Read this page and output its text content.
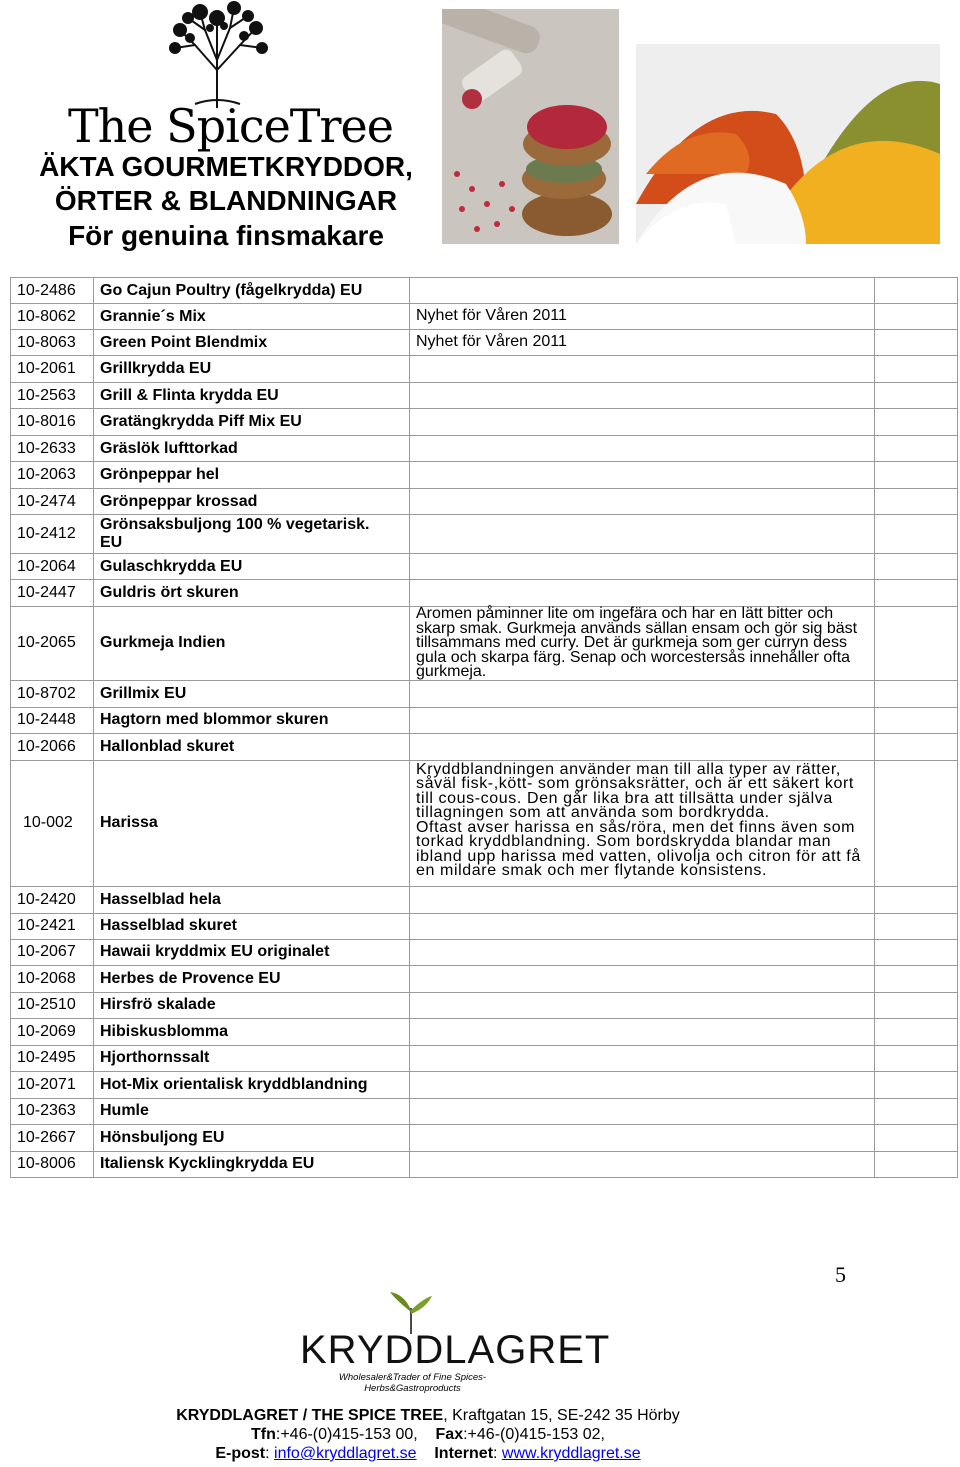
The SpiceTree
ÄKTA GOURMETKRYDDOR,
ÖRTER & BLANDNINGAR
För genuina finsmakare
10-2486	Go Cajun Poultry (fågelkrydda) EU		
10-8062	Grannie´s Mix	Nyhet för Våren 2011	
10-8063	Green Point Blendmix	Nyhet för Våren 2011	
10-2061	Grillkrydda EU		
10-2563	Grill & Flinta krydda EU		
10-8016	Gratängkrydda Piff Mix EU		
10-2633	Gräslök lufttorkad		
10-2063	Grönpeppar hel		
10-2474	Grönpeppar krossad		
10-2412	Grönsaksbuljong 100 % vegetarisk. EU		
10-2064	Gulaschkrydda EU		
10-2447	Guldris ört skuren		
10-2065	Gurkmeja Indien	Aromen påminner lite om ingefära och har en lätt bitter och skarp smak. Gurkmeja används sällan ensam och gör sig bäst tillsammans med curry. Det är gurkmeja som ger curryn dess gula och skarpa färg. Senap och worcestersås innehåller ofta gurkmeja.	
10-8702	Grillmix EU		
10-2448	Hagtorn med blommor skuren		
10-2066	Hallonblad skuret		
10-002	Harissa	Kryddblandningen använder man till alla typer av rätter, såväl fisk-,kött- som grönsaksrätter, och är ett säkert kort till cous-cous. Den går lika bra att tillsätta under själva tillagningen som att använda som bordkrydda.
Oftast avser harissa en sås/röra, men det finns även som torkad kryddblandning. Som bordskrydda blandar man ibland upp harissa med vatten, olivolja och citron för att få en mildare smak och mer flytande konsistens.	

10-2420	Hasselblad hela		
10-2421	Hasselblad skuret		
10-2067	Hawaii kryddmix EU originalet		
10-2068	Herbes de Provence EU		
10-2510	Hirsfrö skalade		
10-2069	Hibiskusblomma		
10-2495	Hjorthornssalt		
10-2071	Hot-Mix orientalisk kryddblandning		
10-2363	Humle		
10-2667	Hönsbuljong EU		
10-8006	Italiensk Kycklingkrydda EU		
5
KRYDDLAGRET
Wholesaler&Trader of Fine Spices-Herbs&Gastroproducts
KRYDDLAGRET / THE SPICE TREE, Kraftgatan 15, SE-242 35 Hörby
Tfn:+46-(0)415-153 00, Fax:+46-(0)415-153 02,
E-post: info@kryddlagret.se Internet: www.kryddlagret.se
